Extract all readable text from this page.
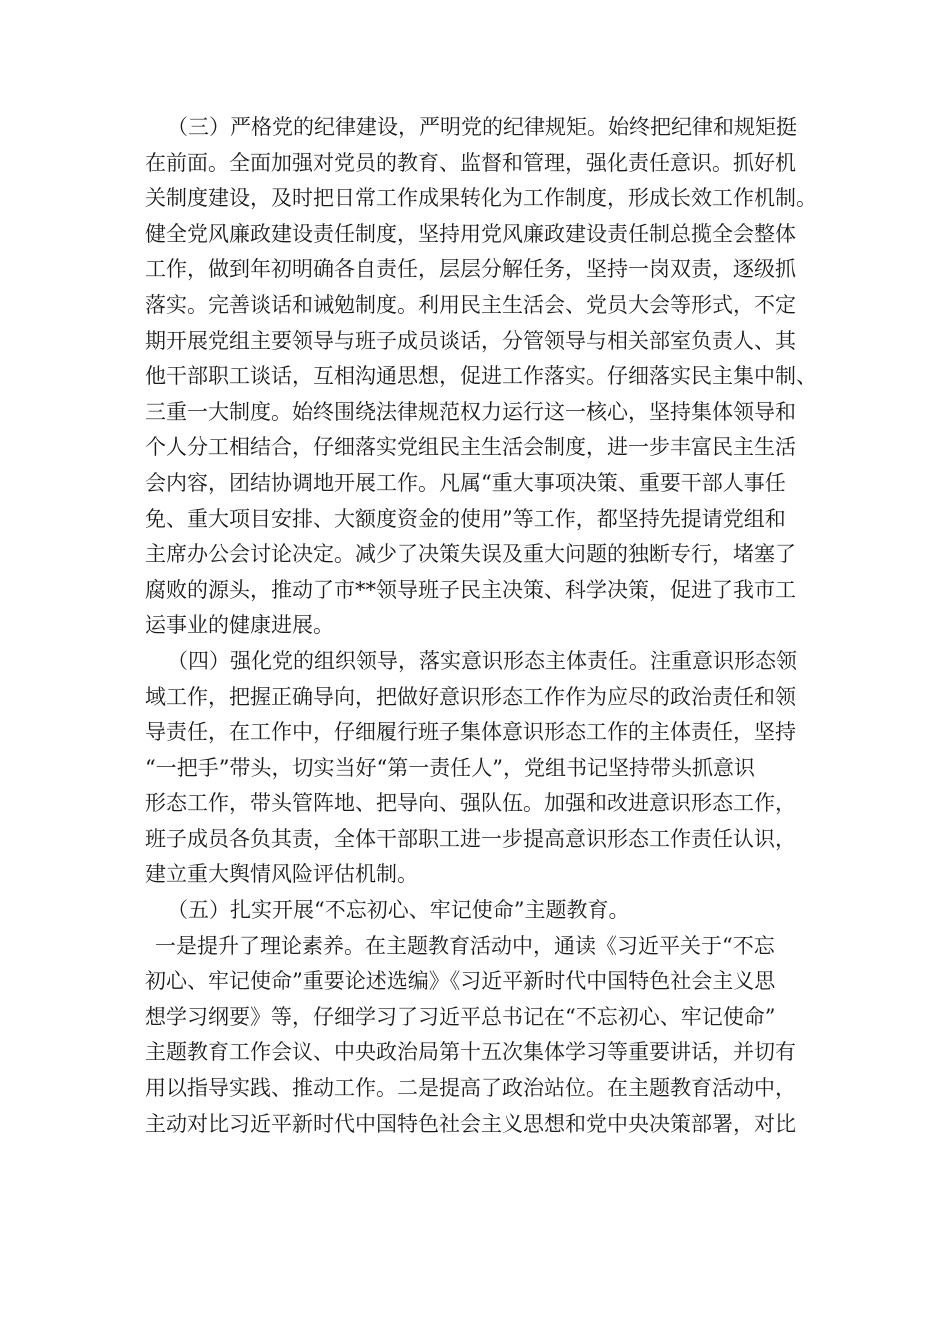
（三）严格党的纪律建设，严明党的纪律规矩。始终把纪律和规矩挺
在前面。全面加强对党员的教育、监督和管理，强化责任意识。抓好机
关制度建设，及时把日常工作成果转化为工作制度，形成长效工作机制。
健全党风廉政建设责任制度，坚持用党风廉政建设责任制总揽全会整体
工作，做到年初明确各自责任，层层分解任务，坚持一岗双责，逐级抓
落实。完善谈话和诫勉制度。利用民主生活会、党员大会等形式，不定
期开展党组主要领导与班子成员谈话，分管领导与相关部室负责人、其
他干部职工谈话，互相沟通思想，促进工作落实。仔细落实民主集中制、
三重一大制度。始终围绕法律规范权力运行这一核心，坚持集体领导和
个人分工相结合，仔细落实党组民主生活会制度，进一步丰富民主生活
会内容，团结协调地开展工作。凡属“重大事项决策、重要干部人事任
免、重大项目安排、大额度资金的使用”等工作，都坚持先提请党组和
主席办公会讨论决定。减少了决策失误及重大问题的独断专行，堵塞了
腐败的源头，推动了市**领导班子民主决策、科学决策，促进了我市工
运事业的健康进展。
（四）强化党的组织领导，落实意识形态主体责任。注重意识形态领
域工作，把握正确导向，把做好意识形态工作作为应尽的政治责任和领
导责任，在工作中，仔细履行班子集体意识形态工作的主体责任，坚持
“一把手”带头，切实当好“第一责任人”，党组书记坚持带头抓意识
形态工作，带头管阵地、把导向、强队伍。加强和改进意识形态工作，
班子成员各负其责，全体干部职工进一步提高意识形态工作责任认识，
建立重大舆情风险评估机制。
（五）扎实开展“不忘初心、牢记使命”主题教育。
一是提升了理论素养。在主题教育活动中，通读《习近平关于“不忘
初心、牢记使命”重要论述选编》《习近平新时代中国特色社会主义思
想学习纲要》等，仔细学习了习近平总书记在“不忘初心、牢记使命”
主题教育工作会议、中央政治局第十五次集体学习等重要讲话，并切有
用以指导实践、推动工作。二是提高了政治站位。在主题教育活动中，
主动对比习近平新时代中国特色社会主义思想和党中央决策部署，对比
